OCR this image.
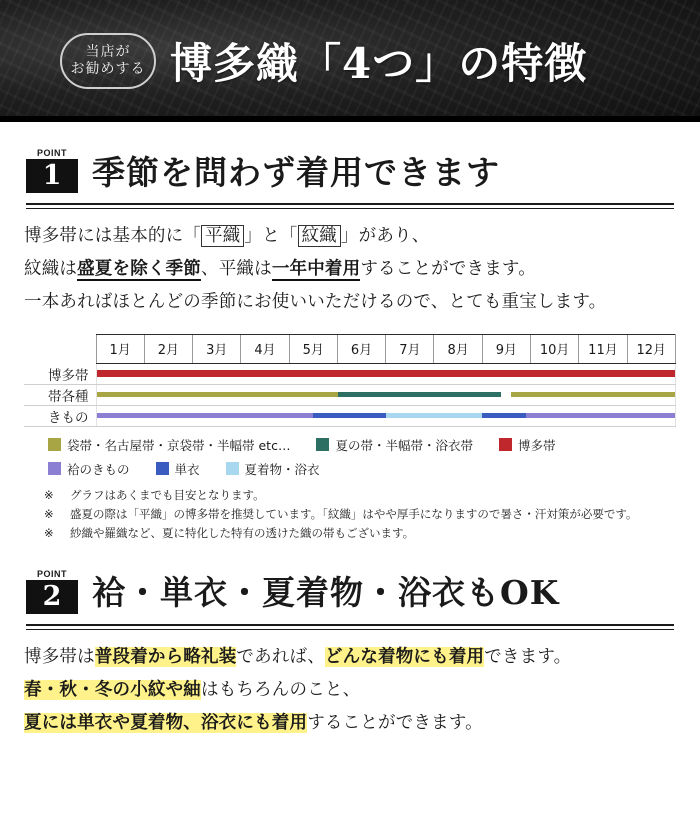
当店が
お勧めする 博多織「4つ」の特徴
POINT
1 季節を問わず着用できます
博多帯には基本的に「 平織 」と「 紋織 」があり、
紋織は盛夏を除く季節、平織は一年中着用することができます。
一本あればほとんどの季節にお使いいただけるので、とても重宝します。
	1月	2月	3月	4月	5月	6月	7月	8月	9月	10月	11月	12月
博多帯												

帯各種												

きもの												
袋帯・名古屋帯・京袋帯・半幅帯 etc…	夏の帯・半幅帯・浴衣帯	博多帯
袷のきもの	単衣	夏着物・浴衣
※	グラフはあくまでも目安となります。
※	盛夏の際は「平織」の博多帯を推奨しています。「紋織」はやや厚手になりますので暑さ・汗対策が必要です。
※	紗織や羅織など、夏に特化した特有の透けた織の帯もございます。
POINT
2 袷・単衣・夏着物・浴衣もOK
博多帯は普段着から略礼装であれば、どんな着物にも着用できます。
春・秋・冬の小紋や紬はもちろんのこと、
夏には単衣や夏着物、浴衣にも着用することができます。
